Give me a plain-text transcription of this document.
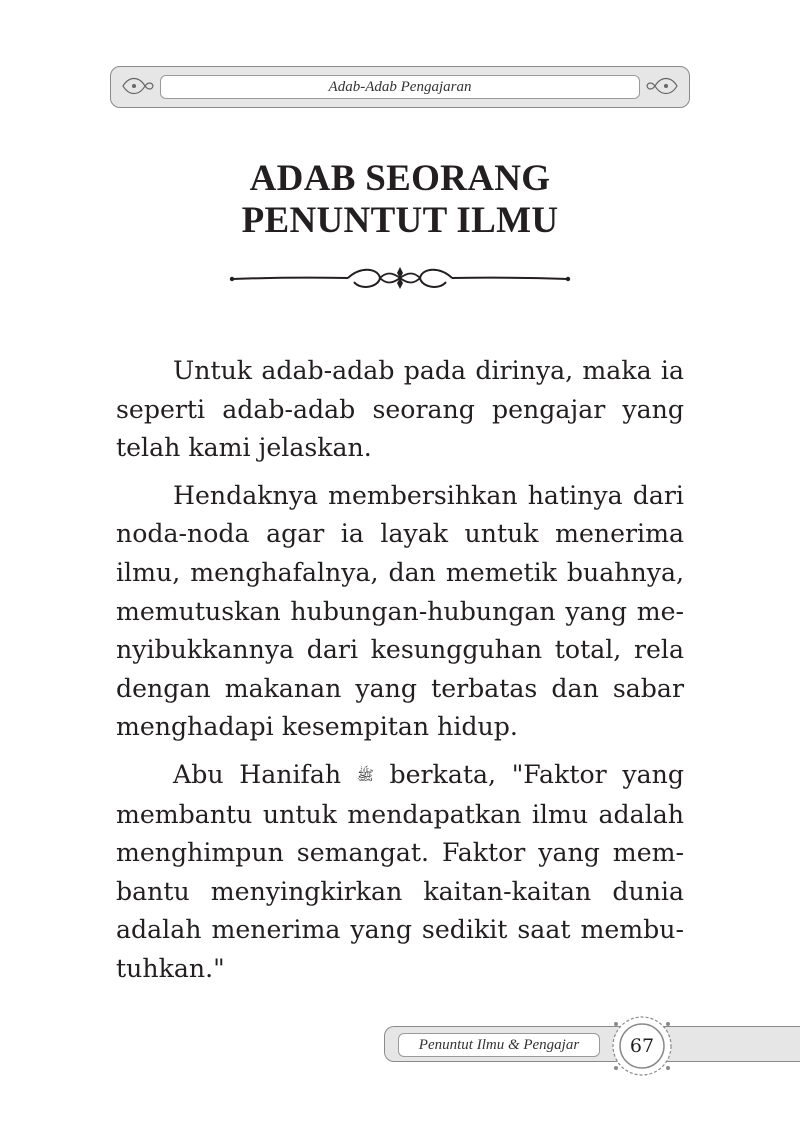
Adab-Adab Pengajaran
ADAB SEORANG
PENUNTUT ILMU

Untuk adab-adab pada dirinya, maka ia seperti adab-adab seorang pengajar yang telah kami jelaskan.

Hendaknya membersihkan hatinya dari noda-noda agar ia layak untuk menerima ilmu, menghafalnya, dan memetik buahnya, memutuskan hubungan-hubungan yang me-nyibukkannya dari kesungguhan total, rela dengan makanan yang terbatas dan sabar menghadapi kesempitan hidup.

Abu Hanifah ﷺ berkata, "Faktor yang membantu untuk mendapatkan ilmu adalah menghimpun semangat. Faktor yang mem-bantu menyingkirkan kaitan-kaitan dunia adalah menerima yang sedikit saat membu-tuhkan."

Penuntut Ilmu & Pengajar	67
